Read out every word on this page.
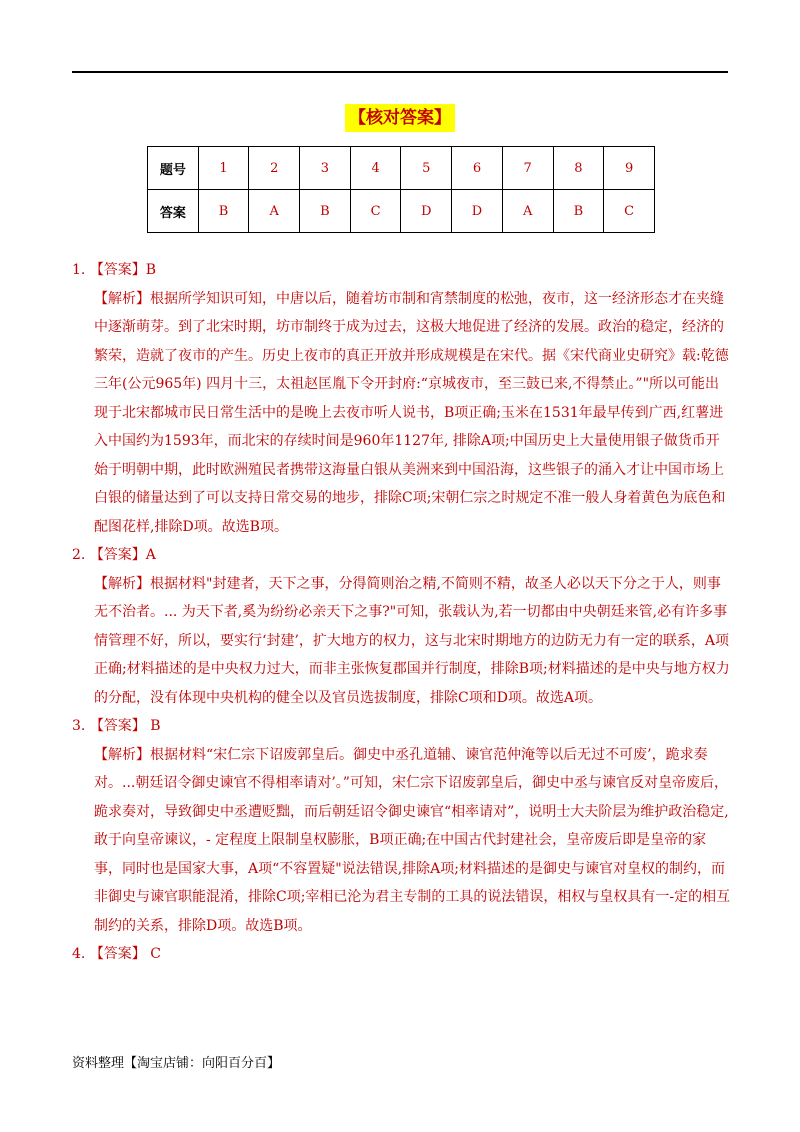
【核对答案】
题号	1	2	3	4	5	6	7	8	9
答案	B	A	B	C	D	D	A	B	C
1. 【答案】B
【解析】根据所学知识可知，中唐以后，随着坊市制和宵禁制度的松弛，夜市，这一经济形态才在夹缝中逐渐萌芽。到了北宋时期，坊市制终于成为过去，这极大地促进了经济的发展。政治的稳定，经济的繁荣，造就了夜市的产生。历史上夜市的真正开放并形成规模是在宋代。据《宋代商业史研究》载:乾德三年(公元965年) 四月十三，太祖赵匡胤下令开封府:“京城夜市，至三鼓已来,不得禁止。”"所以可能出现于北宋都城市民日常生活中的是晚上去夜市听人说书，B项正确;玉米在1531年最早传到广西,红薯进入中国约为1593年，而北宋的存续时间是960年1127年, 排除A项;中国历史上大量使用银子做货币开始于明朝中期，此时欧洲殖民者携带这海量白银从美洲来到中国沿海，这些银子的涌入才让中国市场上白银的储量达到了可以支持日常交易的地步，排除C项;宋朝仁宗之时规定不准一般人身着黄色为底色和 配图花样,排除D项。故选B项。
2. 【答案】A
【解析】根据材料"封建者，天下之事，分得简则治之精,不简则不精，故圣人必以天下分之于人，则事无不治者。... 为天下者,奚为纷纷必亲天下之事?"可知，张载认为,若一切都由中央朝廷来管,必有许多事情管理不好，所以，要实行‘封建’，扩大地方的权力，这与北宋时期地方的边防无力有一定的联系，A项正确;材料描述的是中央权力过大，而非主张恢复郡国并行制度，排除B项;材料描述的是中央与地方权力的分配，没有体现中央机构的健全以及官员选拔制度，排除C项和D项。故选A项。
3. 【答案】 B
【解析】根据材料“宋仁宗下诏废郭皇后。御史中丞孔道辅、谏官范仲淹等以后无过不可废’，跪求奏对。...朝廷诏令御史谏官不得相率请对’。”可知，宋仁宗下诏废郭皇后，御史中丞与谏官反对皇帝废后，跪求奏对，导致御史中丞遭贬黜，而后朝廷诏令御史谏官“相率请对”，说明士大夫阶层为维护政治稳定,敢于向皇帝谏议，- 定程度上限制皇权膨胀，B项正确;在中国古代封建社会，皇帝废后即是皇帝的家事，同时也是国家大事，A项“不容置疑"说法错误,排除A项;材料描述的是御史与谏官对皇权的制约，而非御史与谏官职能混淆，排除C项;宰相已沦为君主专制的工具的说法错误，相权与皇权具有一-定的相互制约的关系，排除D项。故选B项。
4. 【答案】 C
资料整理【淘宝店铺：向阳百分百】
